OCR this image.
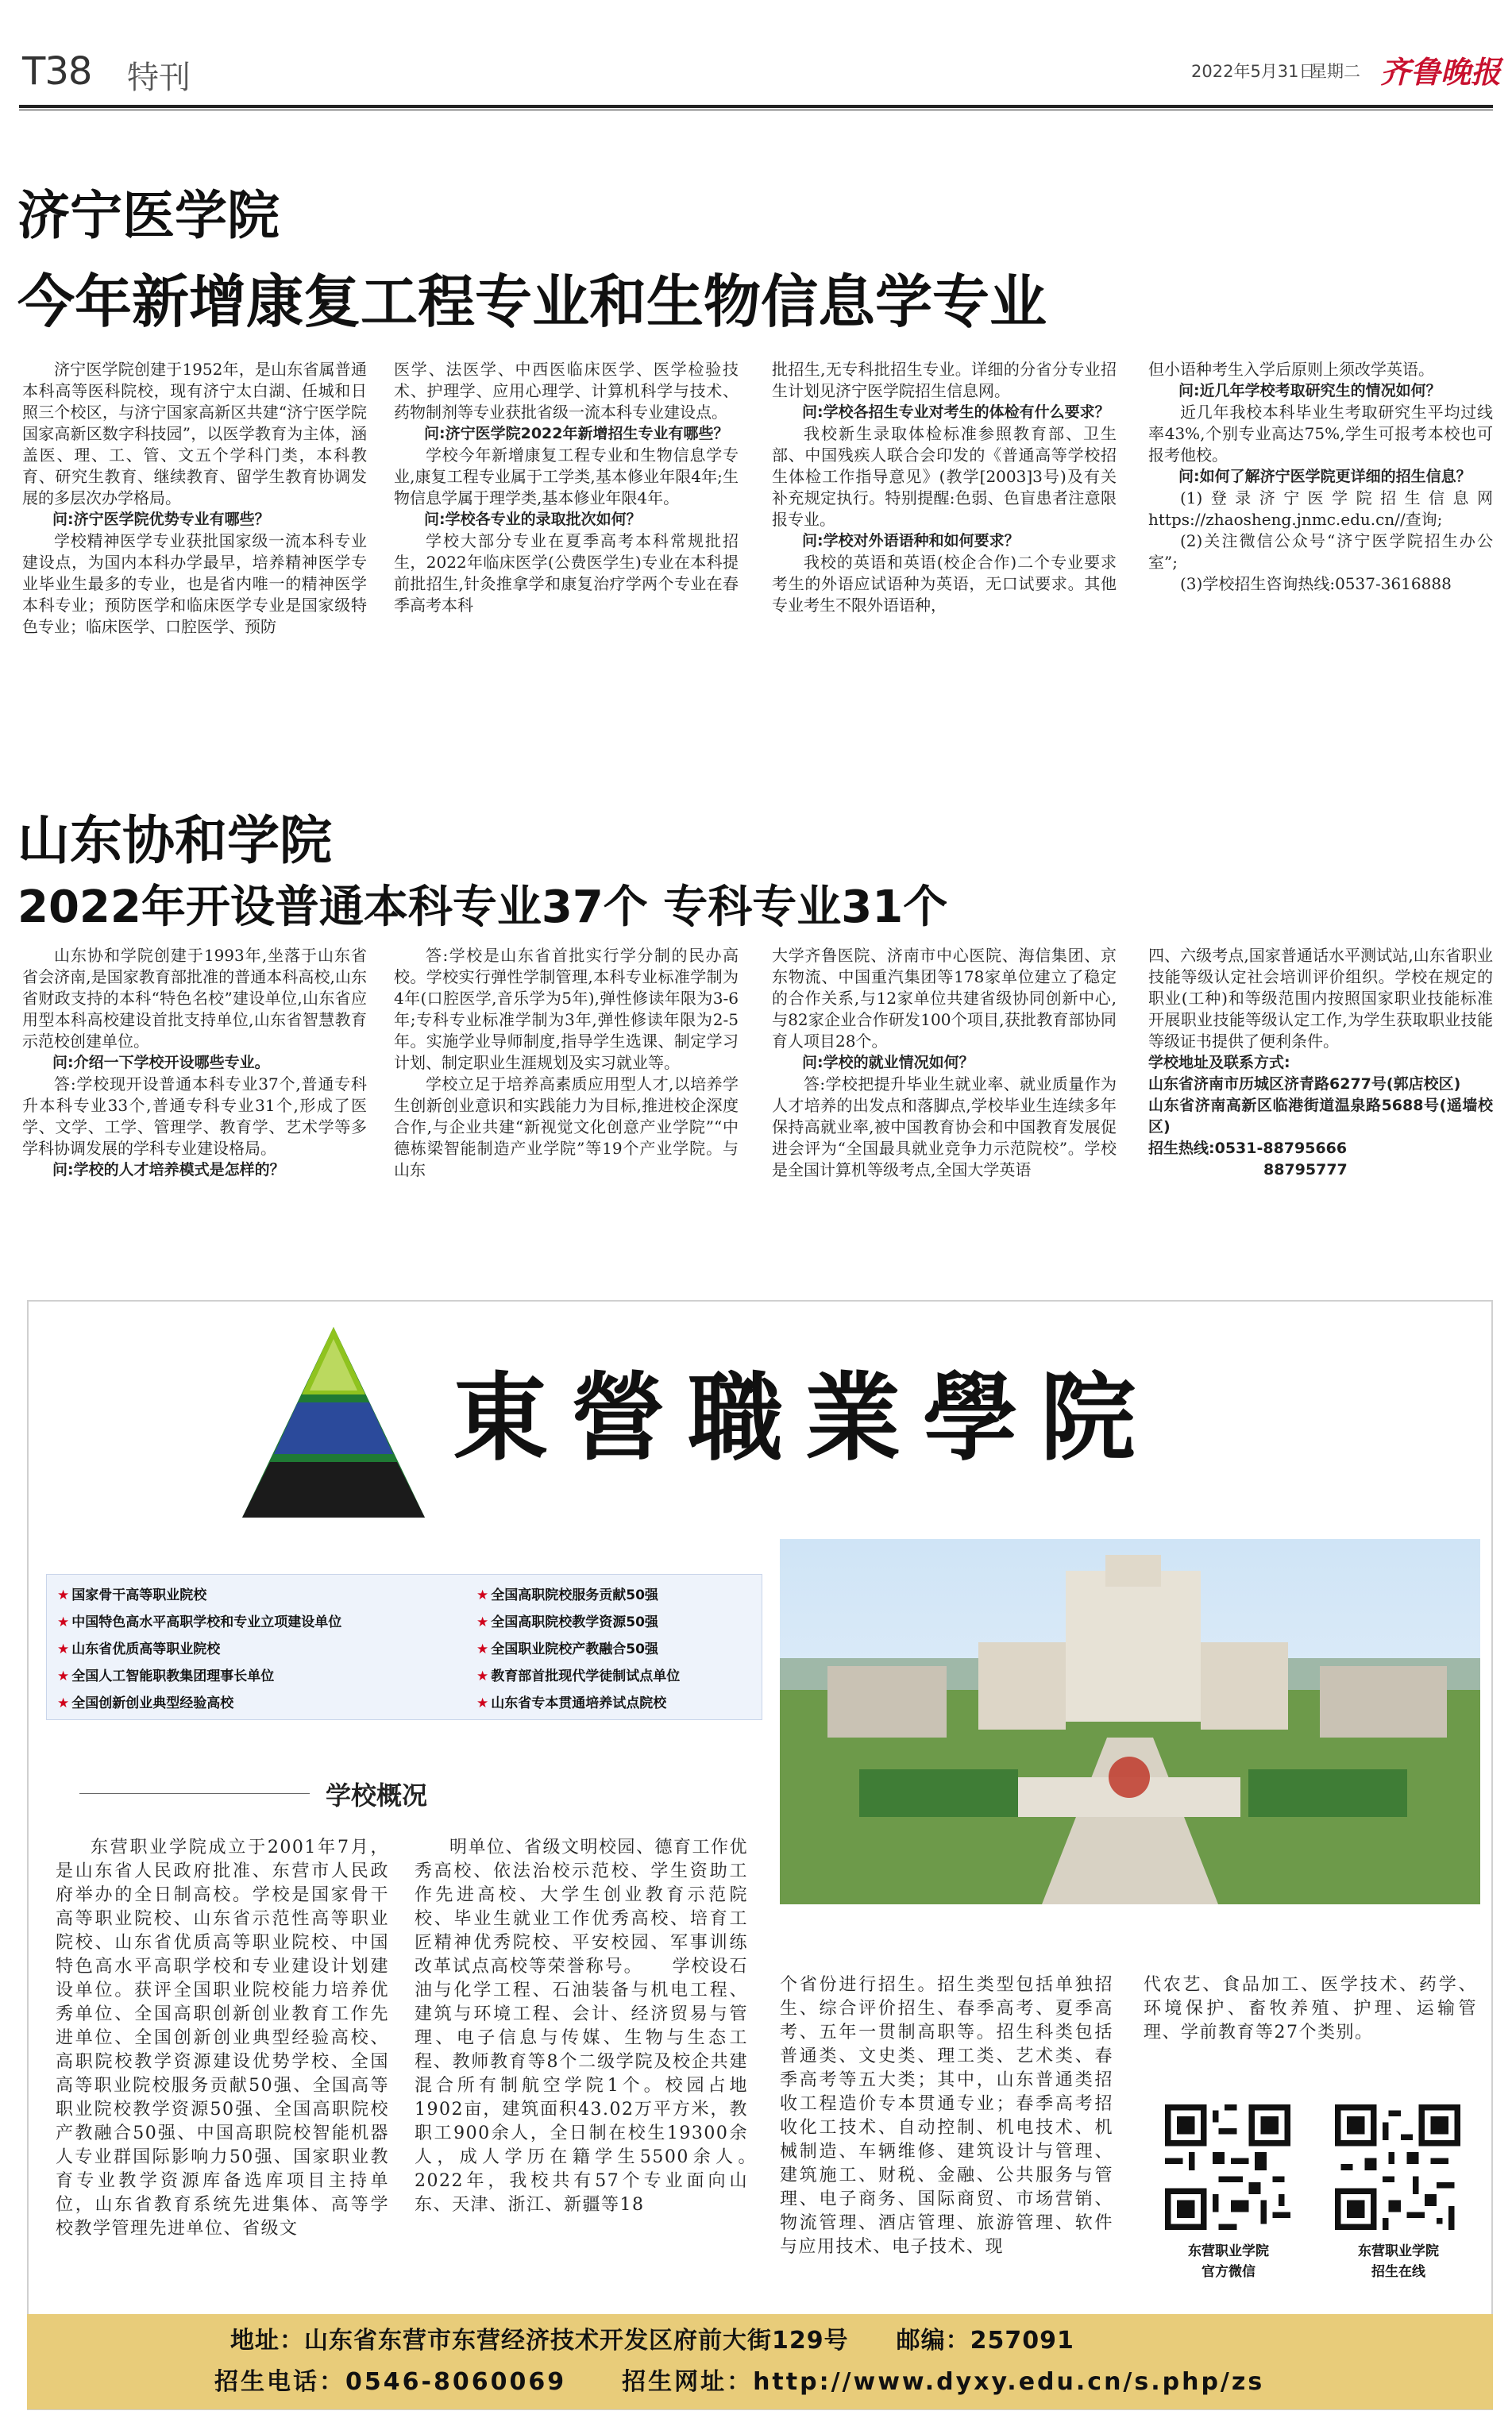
T38 特刊	2022年5月31日
星期二 齐鲁晚报
济宁医学院
今年新增康复工程专业和生物信息学专业

济宁医学院创建于1952年，是山东省属普通本科高等医科院校，现有济宁太白湖、任城和日照三个校区，与济宁国家高新区共建“济宁医学院国家高新区数字科技园”，以医学教育为主体，涵盖医、理、工、管、文五个学科门类，本科教育、研究生教育、继续教育、留学生教育协调发展的多层次办学格局。

问:济宁医学院优势专业有哪些？

学校精神医学专业获批国家级一流本科专业建设点，为国内本科办学最早，培养精神医学专业毕业生最多的专业，也是省内唯一的精神医学本科专业；预防医学和临床医学专业是国家级特色专业；临床医学、口腔医学、预防

医学、法医学、中西医临床医学、医学检验技术、护理学、应用心理学、计算机科学与技术、药物制剂等专业获批省级一流本科专业建设点。

问:济宁医学院2022年新增招生专业有哪些？

学校今年新增康复工程专业和生物信息学专业,康复工程专业属于工学类,基本修业年限4年;生物信息学属于理学类,基本修业年限4年。

问:学校各专业的录取批次如何？

学校大部分专业在夏季高考本科常规批招生，2022年临床医学(公费医学生)专业在本科提前批招生,针灸推拿学和康复治疗学两个专业在春季高考本科

批招生,无专科批招生专业。详细的分省分专业招生计划见济宁医学院招生信息网。

问:学校各招生专业对考生的体检有什么要求？

我校新生录取体检标准参照教育部、卫生部、中国残疾人联合会印发的《普通高等学校招生体检工作指导意见》(教学[2003]3号)及有关补充规定执行。特别提醒:色弱、色盲患者注意限报专业。

问:学校对外语语种和如何要求？

我校的英语和英语(校企合作)二个专业要求考生的外语应试语种为英语，无口试要求。其他专业考生不限外语语种，

但小语种考生入学后原则上须改学英语。

问:近几年学校考取研究生的情况如何？

近几年我校本科毕业生考取研究生平均过线率43%,个别专业高达75%,学生可报考本校也可报考他校。

问:如何了解济宁医学院更详细的招生信息？

(1)登录济宁医学院招生信息网https://zhaosheng.jnmc.edu.cn//查询;

(2)关注微信公众号“济宁医学院招生办公室”;

(3)学校招生咨询热线:0537-3616888

山东协和学院
2022年开设普通本科专业37个 专科专业31个

山东协和学院创建于1993年,坐落于山东省省会济南,是国家教育部批准的普通本科高校,山东省财政支持的本科“特色名校”建设单位,山东省应用型本科高校建设首批支持单位,山东省智慧教育示范校创建单位。

问:介绍一下学校开设哪些专业。

答:学校现开设普通本科专业37个,普通专科升本科专业33个,普通专科专业31个,形成了医学、文学、工学、管理学、教育学、艺术学等多学科协调发展的学科专业建设格局。

问:学校的人才培养模式是怎样的？

答:学校是山东省首批实行学分制的民办高校。学校实行弹性学制管理,本科专业标准学制为4年(口腔医学,音乐学为5年),弹性修读年限为3-6年;专科专业标准学制为3年,弹性修读年限为2-5年。实施学业导师制度,指导学生选课、制定学习计划、制定职业生涯规划及实习就业等。

学校立足于培养高素质应用型人才,以培养学生创新创业意识和实践能力为目标,推进校企深度合作,与企业共建“新视觉文化创意产业学院”“中德栋梁智能制造产业学院”等19个产业学院。与山东

大学齐鲁医院、济南市中心医院、海信集团、京东物流、中国重汽集团等178家单位建立了稳定的合作关系,与12家单位共建省级协同创新中心,与82家企业合作研发100个项目,获批教育部协同育人项目28个。

问:学校的就业情况如何？

答:学校把提升毕业生就业率、就业质量作为人才培养的出发点和落脚点,学校毕业生连续多年保持高就业率,被中国教育协会和中国教育发展促进会评为“全国最具就业竞争力示范院校”。学校是全国计算机等级考点,全国大学英语

四、六级考点,国家普通话水平测试站,山东省职业技能等级认定社会培训评价组织。学校在规定的职业(工种)和等级范围内按照国家职业技能标准开展职业技能等级认定工作,为学生获取职业技能等级证书提供了便利条件。

学校地址及联系方式:

山东省济南市历城区济青路6277号(郭店校区)

山东省济南高新区临港街道温泉路5688号(遥墙校区)

招生热线:0531-88795666

88795777

東營職業學院
★ 国家骨干高等职业院校
★ 中国特色高水平高职学校和专业立项建设单位
★ 山东省优质高等职业院校
★ 全国人工智能职教集团理事长单位
★ 全国创新创业典型经验高校
★ 全国高职院校服务贡献50强
★ 全国高职院校教学资源50强
★ 全国职业院校产教融合50强
★ 教育部首批现代学徒制试点单位
★ 山东省专本贯通培养试点院校
学校概况

东营职业学院成立于2001年7月，是山东省人民政府批准、东营市人民政府举办的全日制高校。学校是国家骨干高等职业院校、山东省示范性高等职业院校、山东省优质高等职业院校、中国特色高水平高职学校和专业建设计划建设单位。获评全国职业院校能力培养优秀单位、全国高职创新创业教育工作先进单位、全国创新创业典型经验高校、高职院校教学资源建设优势学校、全国高等职业院校服务贡献50强、全国高等职业院校教学资源50强、全国高职院校产教融合50强、中国高职院校智能机器人专业群国际影响力50强、国家职业教育专业教学资源库备选库项目主持单位，山东省教育系统先进集体、高等学校教学管理先进单位、省级文

明单位、省级文明校园、德育工作优秀高校、依法治校示范校、学生资助工作先进高校、大学生创业教育示范院校、毕业生就业工作优秀高校、培育工匠精神优秀院校、平安校园、军事训练改革试点高校等荣誉称号。　　学校设石油与化学工程、石油装备与机电工程、建筑与环境工程、会计、经济贸易与管理、电子信息与传媒、生物与生态工程、教师教育等8个二级学院及校企共建混合所有制航空学院1个。校园占地1902亩，建筑面积43.02万平方米，教职工900余人，全日制在校生19300余人，成人学历在籍学生5500余人。　　2022年，我校共有57个专业面向山东、天津、浙江、新疆等18

个省份进行招生。招生类型包括单独招生、综合评价招生、春季高考、夏季高考、五年一贯制高职等。招生科类包括普通类、文史类、理工类、艺术类、春季高考等五大类；其中，山东普通类招收工程造价专本贯通专业；春季高考招收化工技术、自动控制、机电技术、机械制造、车辆维修、建筑设计与管理、建筑施工、财税、金融、公共服务与管理、电子商务、国际商贸、市场营销、物流管理、酒店管理、旅游管理、软件与应用技术、电子技术、现

代农艺、食品加工、医学技术、药学、环境保护、畜牧养殖、护理、运输管理、学前教育等27个类别。

东营职业学院
官方微信
东营职业学院
招生在线
地址：山东省东营市东营经济技术开发区府前大街129号 邮编：257091
招生电话：0546-8060069 招生网址：http://www.dyxy.edu.cn/s.php/zs
